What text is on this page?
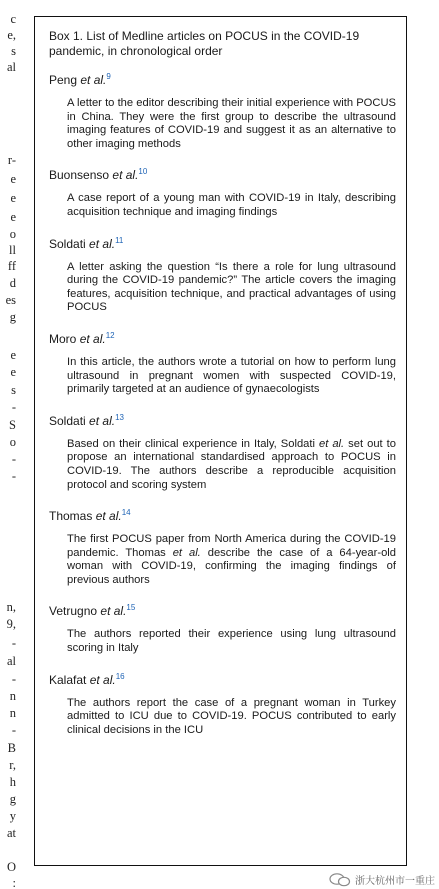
c
e,
s
al
r-
e
e
e
o
ll
ff
d
es
g
e
e
s
-
S
o
-
-
n,
9,
-
al
-
n
n
-
B
r,
h
g
y
at
O
:
Box 1. List of Medline articles on POCUS in the COVID-19 pandemic, in chronological order
Peng et al.$^9$
A letter to the editor describing their initial experience with POCUS in China. They were the first group to describe the ultrasound imaging features of COVID-19 and suggest it as an alternative to other imaging methods
Buonsenso et al.$^{10}$
A case report of a young man with COVID-19 in Italy, describing acquisition technique and imaging findings
Soldati et al.$^{11}$
A letter asking the question “Is there a role for lung ultrasound during the COVID-19 pandemic?” The article covers the imaging features, acquisition technique, and practical advantages of using POCUS
Moro et al.$^{12}$
In this article, the authors wrote a tutorial on how to perform lung ultrasound in pregnant women with suspected COVID-19, primarily targeted at an audience of gynaecologists
Soldati et al.$^{13}$
Based on their clinical experience in Italy, Soldati et al. set out to propose an international standardised approach to POCUS in COVID-19. The authors describe a reproducible acquisition protocol and scoring system
Thomas et al.$^{14}$
The first POCUS paper from North America during the COVID-19 pandemic. Thomas et al. describe the case of a 64-year-old woman with COVID-19, confirming the imaging findings of previous authors
Vetrugno et al.$^{15}$
The authors reported their experience using lung ultrasound scoring in Italy
Kalafat et al.$^{16}$
The authors report the case of a pregnant woman in Turkey admitted to ICU due to COVID-19. POCUS contributed to early clinical decisions in the ICU
浙大杭州市一重庄
